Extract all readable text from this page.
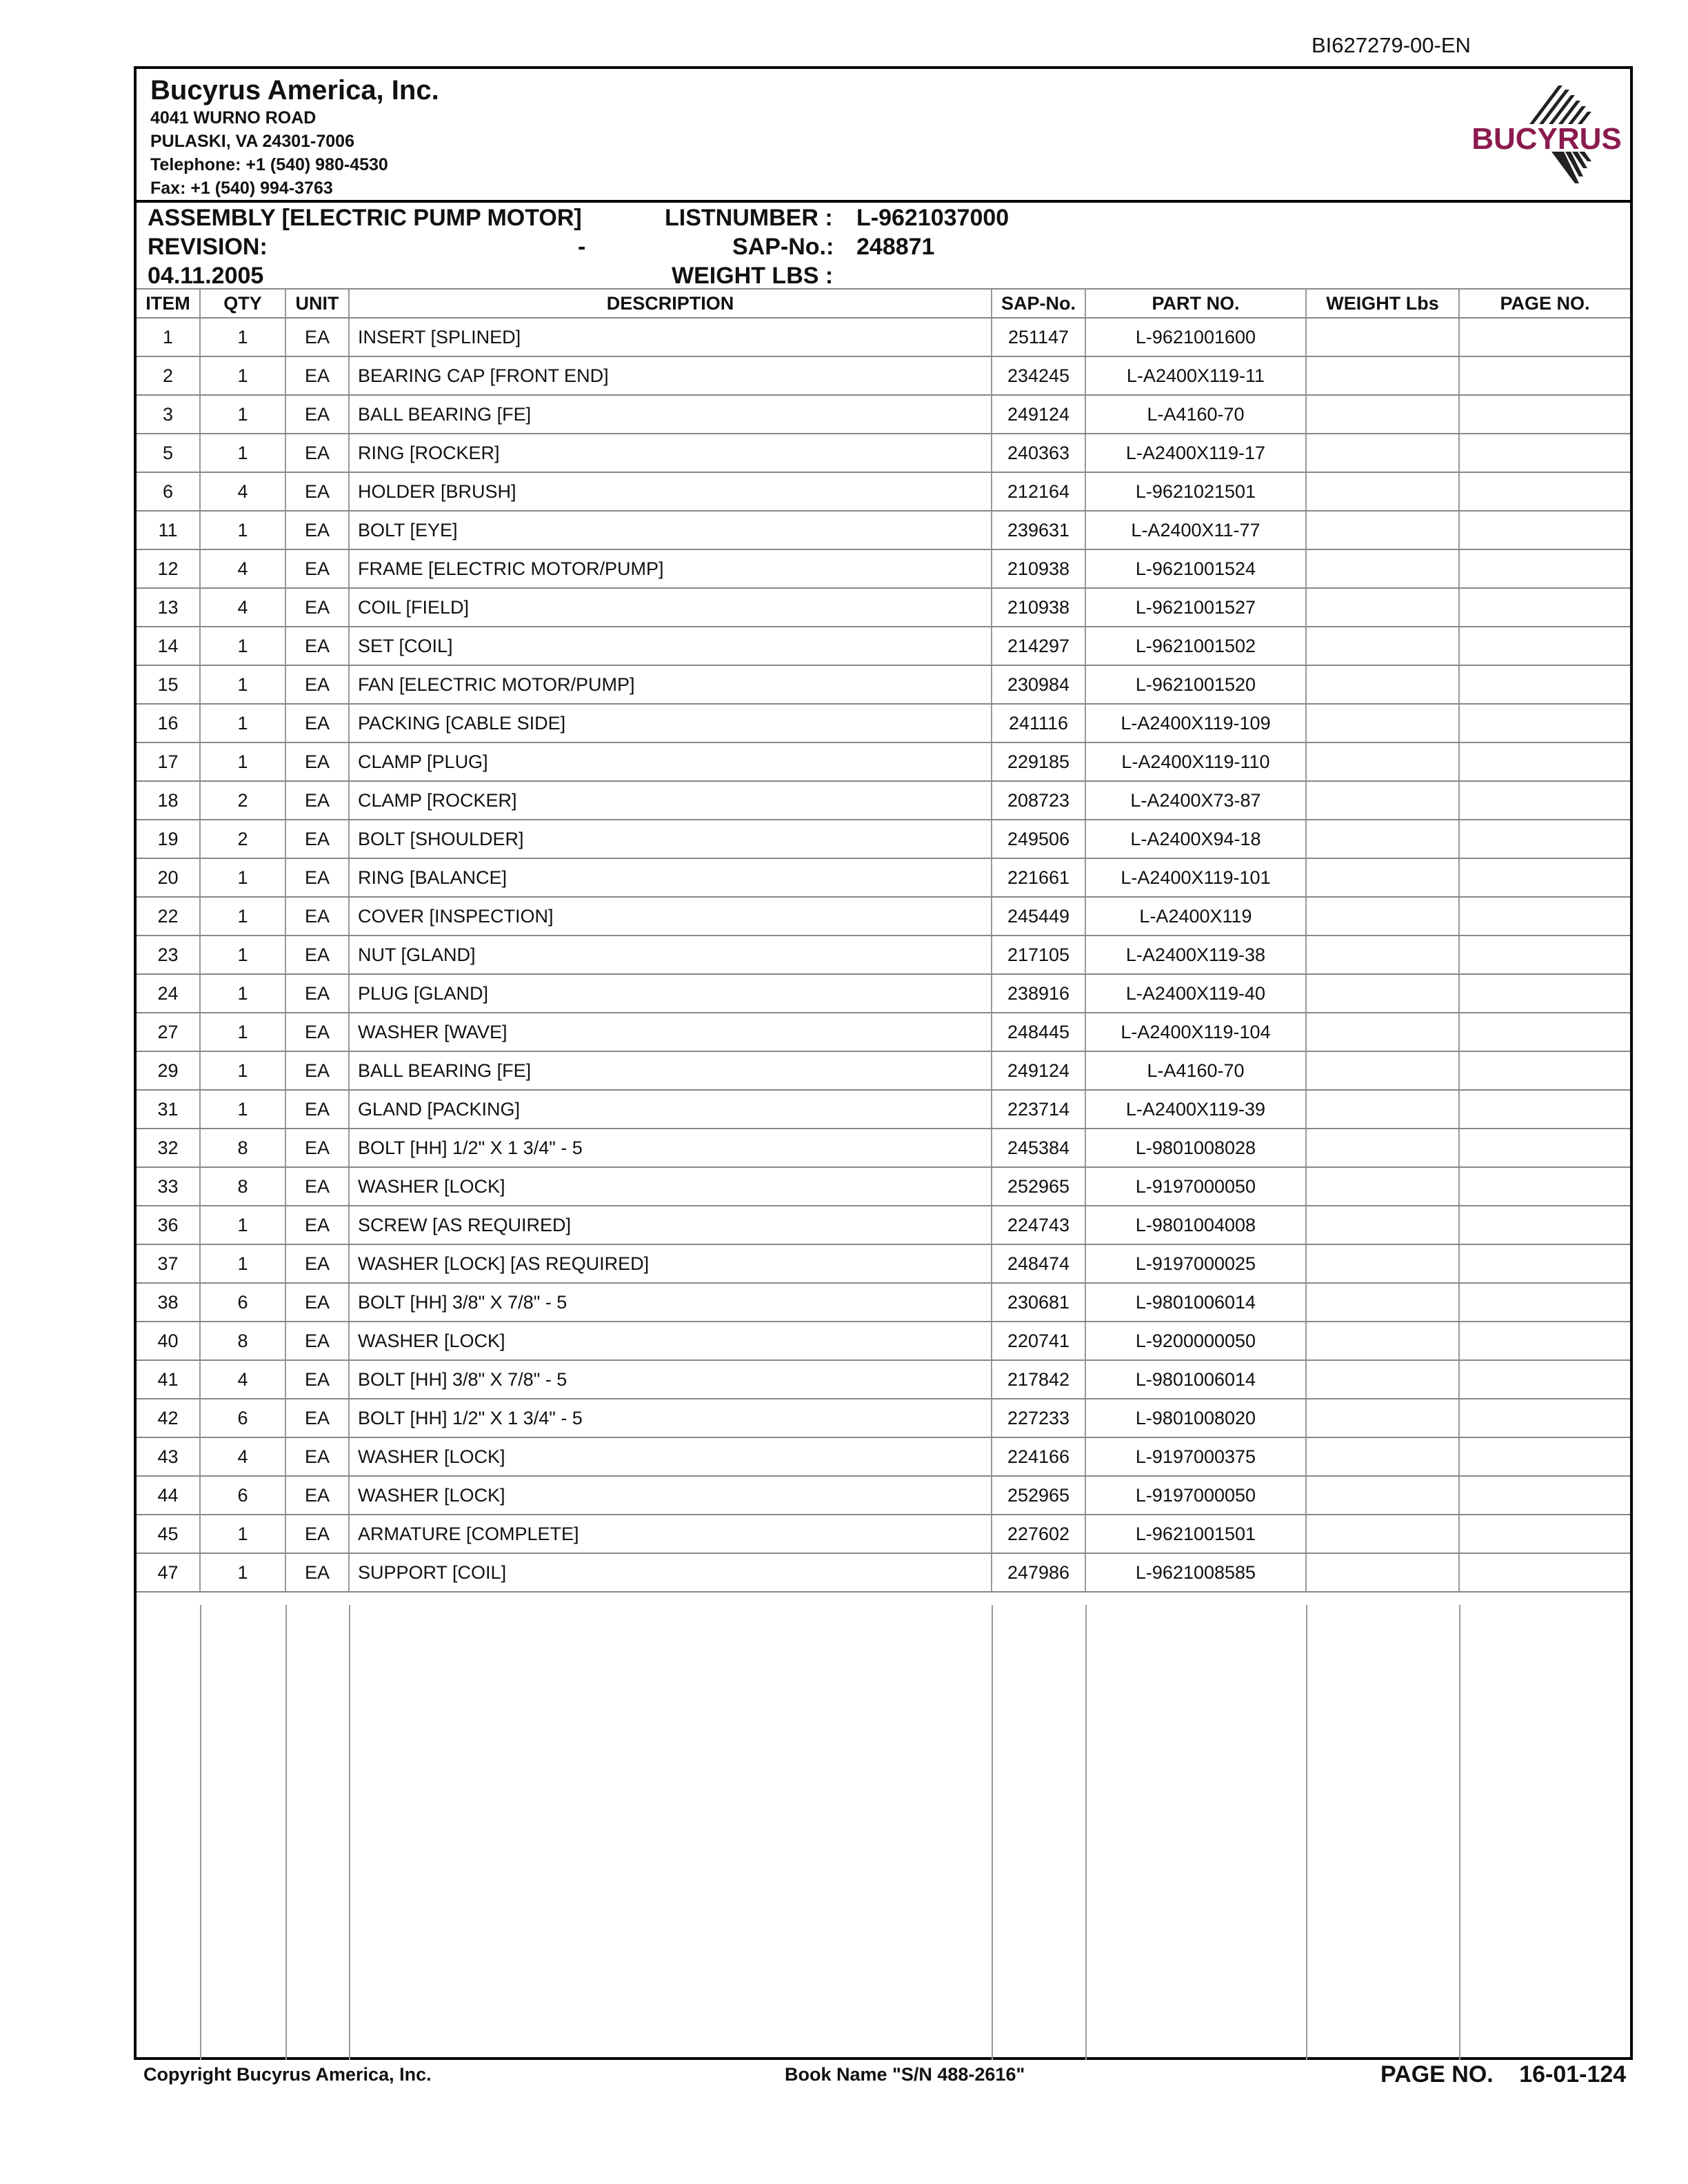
BI627279-00-EN
Bucyrus America, Inc.
4041 WURNO ROAD
PULASKI, VA 24301-7006
Telephone: +1 (540) 980-4530
Fax: +1 (540) 994-3763
BUCYRUS
ASSEMBLY [ELECTRIC PUMP MOTOR]
REVISION:	-
04.11.2005
LISTNUMBER : L-9621037000
SAP-No.: 248871
WEIGHT LBS :
ITEM	QTY	UNIT	DESCRIPTION	SAP-No.	PART NO.	WEIGHT Lbs	PAGE NO.
1	1	EA	INSERT [SPLINED]	251147	L-9621001600		
2	1	EA	BEARING CAP [FRONT END]	234245	L-A2400X119-11		
3	1	EA	BALL BEARING [FE]	249124	L-A4160-70		
5	1	EA	RING [ROCKER]	240363	L-A2400X119-17		
6	4	EA	HOLDER [BRUSH]	212164	L-9621021501		
11	1	EA	BOLT [EYE]	239631	L-A2400X11-77		
12	4	EA	FRAME [ELECTRIC MOTOR/PUMP]	210938	L-9621001524		
13	4	EA	COIL [FIELD]	210938	L-9621001527		
14	1	EA	SET [COIL]	214297	L-9621001502		
15	1	EA	FAN [ELECTRIC MOTOR/PUMP]	230984	L-9621001520		
16	1	EA	PACKING [CABLE SIDE]	241116	L-A2400X119-109		
17	1	EA	CLAMP [PLUG]	229185	L-A2400X119-110		
18	2	EA	CLAMP [ROCKER]	208723	L-A2400X73-87		
19	2	EA	BOLT [SHOULDER]	249506	L-A2400X94-18		
20	1	EA	RING [BALANCE]	221661	L-A2400X119-101		
22	1	EA	COVER [INSPECTION]	245449	L-A2400X119		
23	1	EA	NUT [GLAND]	217105	L-A2400X119-38		
24	1	EA	PLUG [GLAND]	238916	L-A2400X119-40		
27	1	EA	WASHER [WAVE]	248445	L-A2400X119-104		
29	1	EA	BALL BEARING [FE]	249124	L-A4160-70		
31	1	EA	GLAND [PACKING]	223714	L-A2400X119-39		
32	8	EA	BOLT [HH] 1/2" X 1 3/4" - 5	245384	L-9801008028		
33	8	EA	WASHER [LOCK]	252965	L-9197000050		
36	1	EA	SCREW [AS REQUIRED]	224743	L-9801004008		
37	1	EA	WASHER [LOCK] [AS REQUIRED]	248474	L-9197000025		
38	6	EA	BOLT [HH] 3/8" X 7/8" - 5	230681	L-9801006014		
40	8	EA	WASHER [LOCK]	220741	L-9200000050		
41	4	EA	BOLT [HH] 3/8" X 7/8" - 5	217842	L-9801006014		
42	6	EA	BOLT [HH] 1/2" X 1 3/4" - 5	227233	L-9801008020		
43	4	EA	WASHER [LOCK]	224166	L-9197000375		
44	6	EA	WASHER [LOCK]	252965	L-9197000050		
45	1	EA	ARMATURE [COMPLETE]	227602	L-9621001501		
47	1	EA	SUPPORT [COIL]	247986	L-9621008585		
Copyright Bucyrus America, Inc.	Book Name "S/N 488-2616"	PAGE NO. 16-01-124
